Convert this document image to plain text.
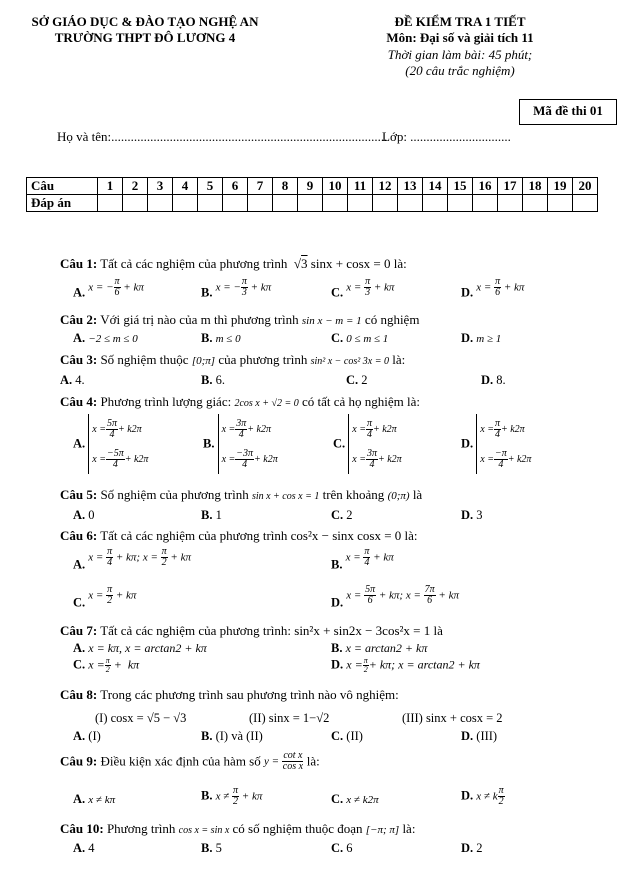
SỞ GIÁO DỤC & ĐÀO TẠO NGHỆ AN
TRƯỜNG THPT ĐÔ LƯƠNG 4
ĐỀ KIỂM TRA 1 TIẾT
Môn: Đại số và giải tích 11
Thời gian làm bài: 45 phút;
(20 câu trắc nghiệm)
Mã đề thi 01
Họ và tên:.....................................................................................
Lớp: ...............................
Câu	1	2	3	4	5	6	7	8	9	10	11	12	13	14	15	16	17	18	19	20
Đáp án																				
Câu 1: Tất cả các nghiệm của phương trình √3 sinx + cosx = 0 là:
A. x = − $\frac{\pi}{6} + k\pi$	B. x = − $\frac{\pi}{3} + k\pi$	C. $x = \frac{\pi}{3} + k\pi$	D. $x = \frac{\pi}{6} + k\pi$
Câu 2: Với giá trị nào của m thì phương trình sin x − m = 1 có nghiệm
A. −2 ≤ m ≤ 0	B. m ≤ 0	C. 0 ≤ m ≤ 1	D. m ≥ 1
Câu 3: Số nghiệm thuộc [0;π] của phương trình sin² x − cos² 3x = 0 là:
A. 4.	B. 6.	C. 2	D. 8.
Câu 4: Phương trình lượng giác: 2cos x + √2 = 0 có tất cả họ nghiệm là:
A.
$x = \frac{5\pi}{4} + k2\pi$
$x = \frac{-5\pi}{4} + k2\pi$
B.
$x = \frac{3\pi}{4} + k2\pi$
$x = \frac{-3\pi}{4} + k2\pi$
C.
$x = \frac{\pi}{4} + k2\pi$
$x = \frac{3\pi}{4} + k2\pi$
D.
$x = \frac{\pi}{4} + k2\pi$
$x = \frac{-\pi}{4} + k2\pi$
Câu 5: Số nghiệm của phương trình sin x + cos x = 1 trên khoảng (0;π) là
A. 0	B. 1	C. 2	D. 3
Câu 6: Tất cả các nghiệm của phương trình cos²x − sinx cosx = 0 là:
A. $x = \frac{\pi}{4} + k\pi$; $x = \frac{\pi}{2} + k\pi$	B. $x = \frac{\pi}{4} + k\pi$
C. $x = \frac{\pi}{2} + k\pi$	D. $x = \frac{5\pi}{6} + k\pi$; $x = \frac{7\pi}{6} + k\pi$
Câu 7: Tất cả các nghiệm của phương trình: sin²x + sin2x − 3cos²x = 1 là
A. x = kπ, x = arctan2 + kπ	B. x = arctan2 + kπ
C. $x = \frac{\pi}{2} + k\pi$	D. $x = \frac{\pi}{2} + k\pi$; x = arctan2 + kπ
Câu 8: Trong các phương trình sau phương trình nào vô nghiệm:
(I) cosx = √5 − √3	(II) sinx = 1−√2	(III) sinx + cosx = 2
A. (I)	B. (I) và (II)	C. (II)	D. (III)
Câu 9: Điều kiện xác định của hàm số $y = \frac{\text{cot x}}{\text{cos x}}$ là:
A. x ≠ kπ	B. $x \ne \frac{\pi}{2} + k\pi$	C. x ≠ k2π	D. x ≠ k $\frac{\pi}{2}$
Câu 10: Phương trình cos x = sin x có số nghiệm thuộc đoạn [−π; π] là:
A. 4	B. 5	C. 6	D. 2
